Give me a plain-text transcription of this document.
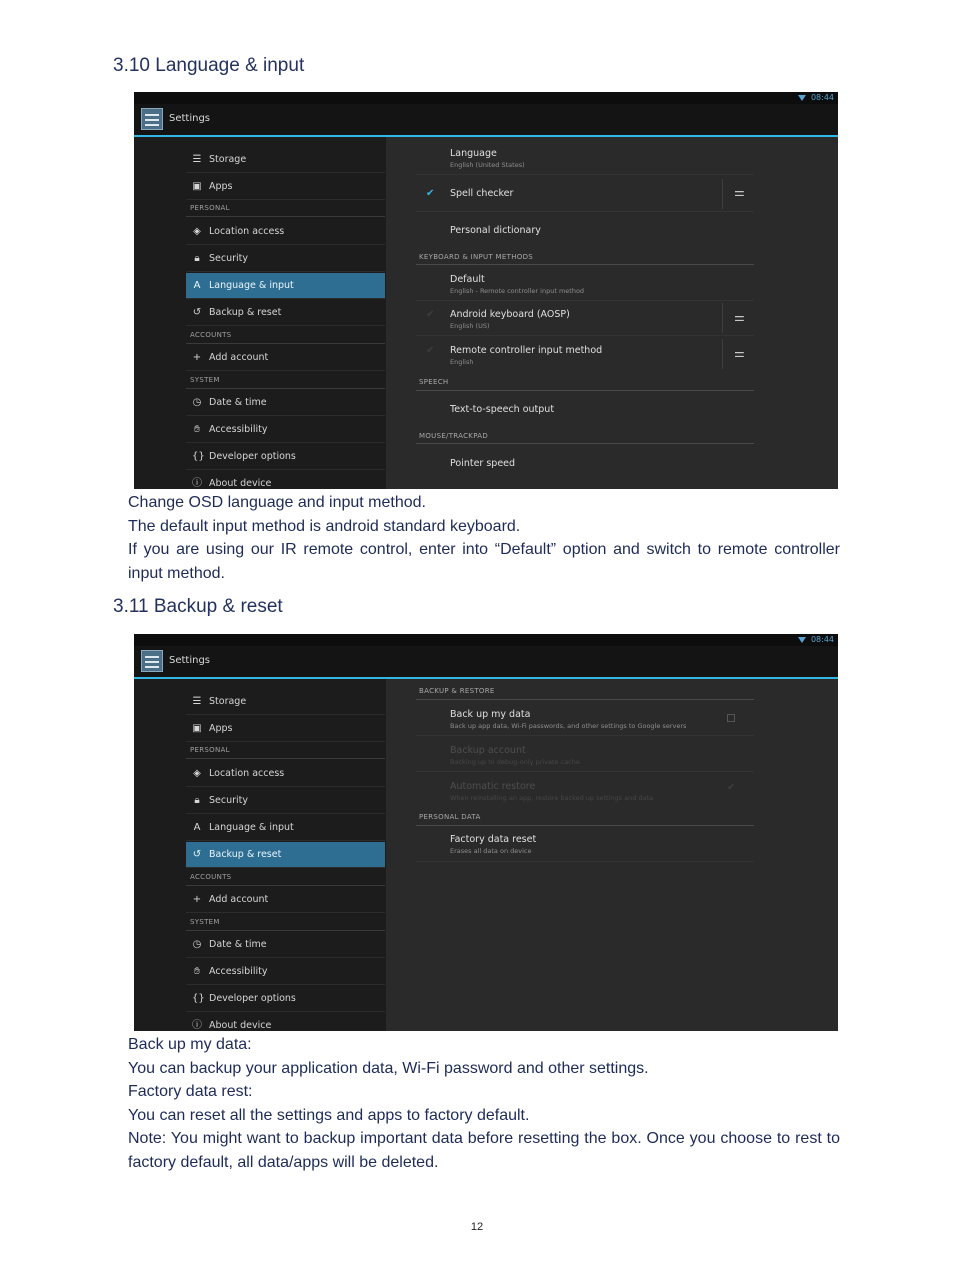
3.10 Language & input
08:44
Settings
☰ Storage
▣ Apps
PERSONAL
◈ Location access
🔒︎ Security
A Language & input
↺ Backup & reset
ACCOUNTS
+ Add account
SYSTEM
◷ Date & time
✋︎ Accessibility
{} Developer options
ⓘ About device
Language
English (United States)
✔ Spell checker	⚌
Personal dictionary
KEYBOARD & INPUT METHODS
Default
English - Remote controller input method
✔ Android keyboard (AOSP)
English (US)
⚌
✔ Remote controller input method
English
⚌
SPEECH
Text-to-speech output
MOUSE/TRACKPAD
Pointer speed

Change OSD language and input method.

The default input method is android standard keyboard.

If you are using our IR remote control, enter into “Default” option and switch to remote controller input method.

3.11 Backup & reset
08:44
Settings
☰ Storage
▣ Apps
PERSONAL
◈ Location access
🔒︎ Security
A Language & input
↺ Backup & reset
ACCOUNTS
+ Add account
SYSTEM
◷ Date & time
✋︎ Accessibility
{} Developer options
ⓘ About device
BACKUP & RESTORE
Back up my data
Back up app data, Wi-Fi passwords, and other settings to Google servers
Backup account
Backing up to debug-only private cache
Automatic restore
When reinstalling an app, restore backed up settings and data
✔
PERSONAL DATA
Factory data reset
Erases all data on device

Back up my data:

You can backup your application data, Wi-Fi password and other settings.

Factory data rest:

You can reset all the settings and apps to factory default.

Note: You might want to backup important data before resetting the box. Once you choose to rest to factory default, all data/apps will be deleted.

12
